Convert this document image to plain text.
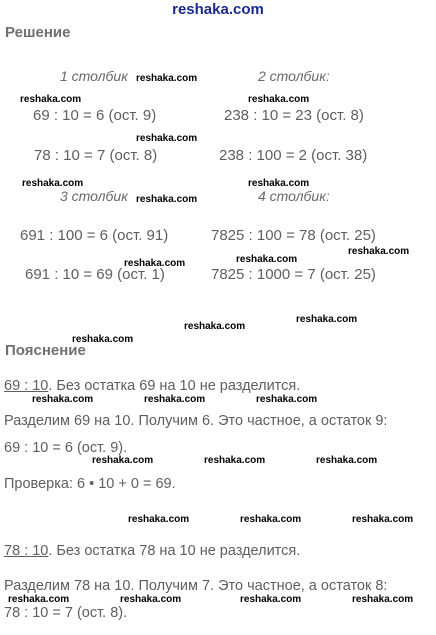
reshaka.com
Решение
1 столбик	2 столбик:
69 : 10 = 6 (ост. 9)	238 : 10 = 23 (ост. 8)
78 : 10 = 7 (ост. 8)	238 : 100 = 2 (ост. 38)
3 столбик	4 столбик:
691 : 100 = 6 (ост. 91)	7825 : 100 = 78 (ост. 25)
691 : 10 = 69 (ост. 1)	7825 : 1000 = 7 (ост. 25)
Пояснение
69 : 10. Без остатка 69 на 10 не разделится.
Разделим 69 на 10. Получим 6. Это частное, а остаток 9:
69 : 10 = 6 (ост. 9).
Проверка: 6 • 10 + 0 = 69.
78 : 10. Без остатка 78 на 10 не разделится.
Разделим 78 на 10. Получим 7. Это частное, а остаток 8:
78 : 10 = 7 (ост. 8).
reshaka.com
reshaka.com	reshaka.com
reshaka.com
reshaka.com	reshaka.com
reshaka.com
reshaka.com
reshaka.com
reshaka.com
reshaka.com
reshaka.com
reshaka.com
reshaka.com	reshaka.com	reshaka.com
reshaka.com	reshaka.com	reshaka.com
reshaka.com	reshaka.com	reshaka.com
reshaka.com	reshaka.com	reshaka.com	reshaka.com
